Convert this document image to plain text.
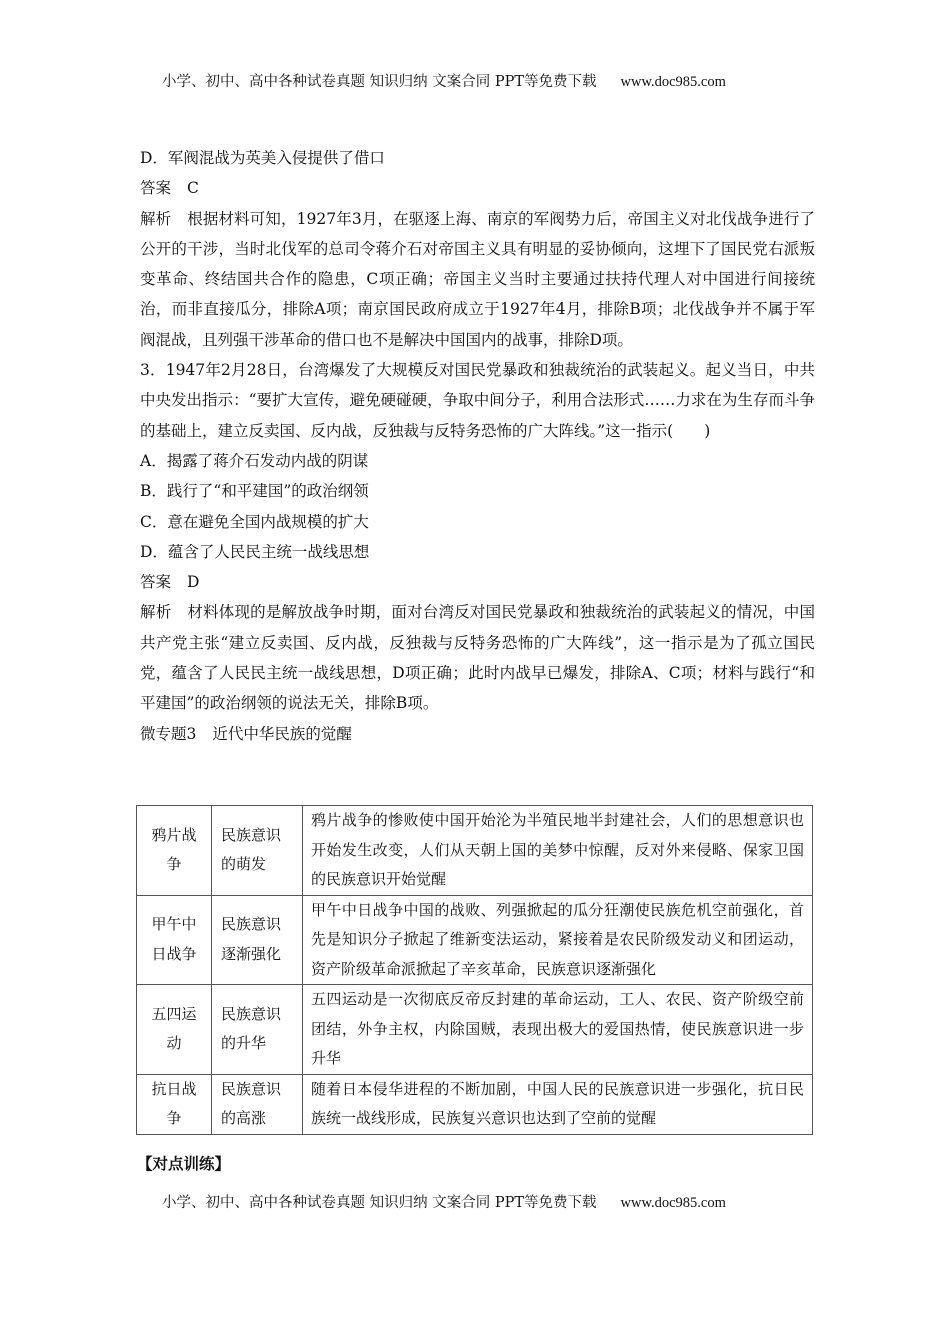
小学、初中、高中各种试卷真题 知识归纳 文案合同 PPT等免费下载 www.doc985.com
D．军阀混战为英美入侵提供了借口
答案 C
解析 根据材料可知，1927年3月，在驱逐上海、南京的军阀势力后，帝国主义对北伐战争进行了公开的干涉，当时北伐军的总司令蒋介石对帝国主义具有明显的妥协倾向，这埋下了国民党右派叛变革命、终结国共合作的隐患，C项正确；帝国主义当时主要通过扶持代理人对中国进行间接统治，而非直接瓜分，排除A项；南京国民政府成立于1927年4月，排除B项；北伐战争并不属于军阀混战，且列强干涉革命的借口也不是解决中国国内的战事，排除D项。
3．1947年2月28日，台湾爆发了大规模反对国民党暴政和独裁统治的武装起义。起义当日，中共中央发出指示：“要扩大宣传，避免硬碰硬，争取中间分子，利用合法形式……力求在为生存而斗争的基础上，建立反卖国、反内战，反独裁与反特务恐怖的广大阵线。”这一指示(　　)
A．揭露了蒋介石发动内战的阴谋
B．践行了“和平建国”的政治纲领
C．意在避免全国内战规模的扩大
D．蕴含了人民民主统一战线思想
答案 D
解析 材料体现的是解放战争时期，面对台湾反对国民党暴政和独裁统治的武装起义的情况，中国共产党主张“建立反卖国、反内战，反独裁与反特务恐怖的广大阵线”，这一指示是为了孤立国民党，蕴含了人民民主统一战线思想，D项正确；此时内战早已爆发，排除A、C项；材料与践行“和平建国”的政治纲领的说法无关，排除B项。
微专题3 近代中华民族的觉醒
鸦片战争	民族意识的萌发	鸦片战争的惨败使中国开始沦为半殖民地半封建社会，人们的思想意识也开始发生改变，人们从天朝上国的美梦中惊醒，反对外来侵略、保家卫国的民族意识开始觉醒
甲午中日战争	民族意识逐渐强化	甲午中日战争中国的战败、列强掀起的瓜分狂潮使民族危机空前强化，首先是知识分子掀起了维新变法运动，紧接着是农民阶级发动义和团运动，资产阶级革命派掀起了辛亥革命，民族意识逐渐强化
五四运动	民族意识的升华	五四运动是一次彻底反帝反封建的革命运动，工人、农民、资产阶级空前团结，外争主权，内除国贼，表现出极大的爱国热情，使民族意识进一步升华
抗日战争	民族意识的高涨	随着日本侵华进程的不断加剧，中国人民的民族意识进一步强化，抗日民族统一战线形成，民族复兴意识也达到了空前的觉醒
【对点训练】
小学、初中、高中各种试卷真题 知识归纳 文案合同 PPT等免费下载 www.doc985.com
